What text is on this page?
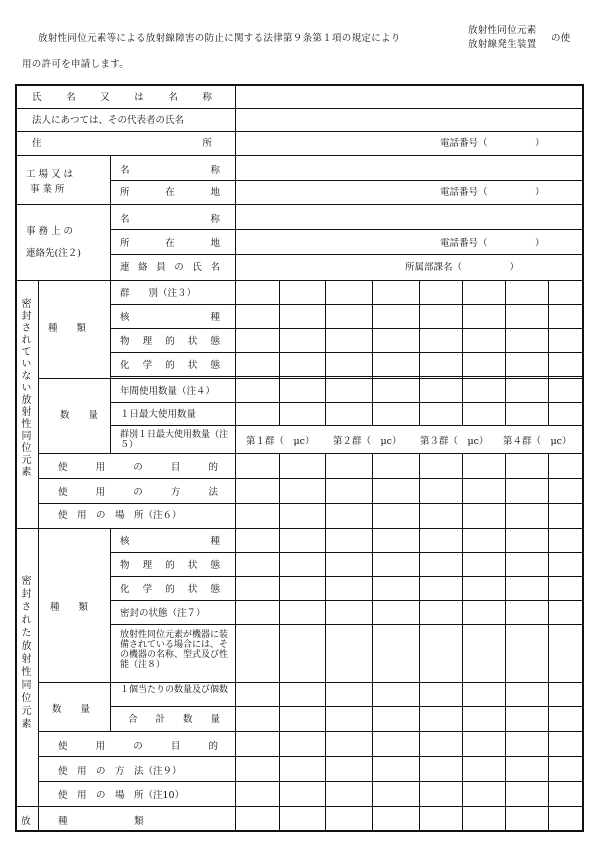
放射性同位元素等による放射線障害の防止に関する法律第９条第１項の規定により
放射性同位元素
放射線発生装置
の使
用の許可を申請します。
氏　名　又　は　名　称
法人にあつては、その代表者の氏名
住　　　　　　　　　所	電話番号（　　　　　）
工 場 又 は
事 業 所
名　　　　称
所　　在　　地	電話番号（　　　　　）
事 務 上 の
連絡先(注２)
名　　　　称
所　　在　　地	電話番号（　　　　　）
連 絡 員 の 氏 名	所属部課名（　　　　　）
密封されていない放射性同位元素 種　　類
群　　別（注３）
核　　　　種
物　理　的　状　態
化　学　的　状　態
数　　量
年間使用数量（注４）
１日最大使用数量
群別１日最大使用数量（注５）	第１群（　μc） 第２群（　μc） 第３群（　μc） 第４群（　μc）
使　　用　　の　　目　　的
使　　用　　の　　方　　法
使　用　の　場　所（注６）
密封された放射性同位元素 種　　類
核　　　　種
物　理　的　状　態
化　学　的　状　態
密封の状態（注７）
放射性同位元素が機器に装備されている場合には、その機器の名称、型式及び性能（注８）
数　　量
１個当たりの数量及び個数
合　計　数　量
使　　用　　の　　目　　的
使　用　の　方　法（注９）
使　用　の　場　所（注10）
放	種　　　　　　　類
